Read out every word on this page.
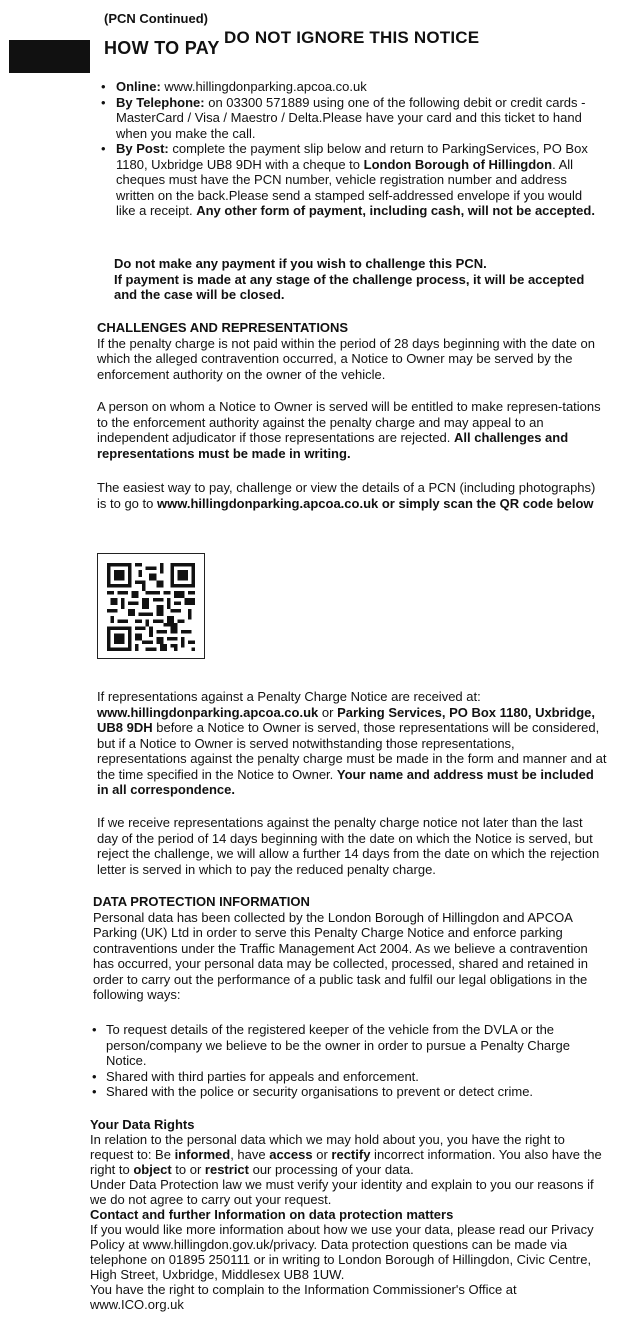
(PCN Continued)
HOW TO PAY
DO NOT IGNORE THIS NOTICE
• Online: www.hillingdonparking.apcoa.co.uk
• By Telephone: on 03300 571889 using one of the following debit or credit cards - MasterCard / Visa / Maestro / Delta.Please have your card and this ticket to hand when you make the call.
• By Post: complete the payment slip below and return to ParkingServices, PO Box 1180, Uxbridge UB8 9DH with a cheque to London Borough of Hillingdon. All cheques must have the PCN number, vehicle registration number and address written on the back.Please send a stamped self-addressed envelope if you would like a receipt. Any other form of payment, including cash, will not be accepted.
Do not make any payment if you wish to challenge this PCN.
If payment is made at any stage of the challenge process, it will be accepted and the case will be closed.
CHALLENGES AND REPRESENTATIONS
If the penalty charge is not paid within the period of 28 days beginning with the date on which the alleged contravention occurred, a Notice to Owner may be served by the enforcement authority on the owner of the vehicle.
A person on whom a Notice to Owner is served will be entitled to make represen-tations to the enforcement authority against the penalty charge and may appeal to an independent adjudicator if those representations are rejected. All challenges and representations must be made in writing.
The easiest way to pay, challenge or view the details of a PCN (including photographs) is to go to www.hillingdonparking.apcoa.co.uk or simply scan the QR code below
If representations against a Penalty Charge Notice are received at: www.hillingdonparking.apcoa.co.uk or Parking Services, PO Box 1180, Uxbridge, UB8 9DH before a Notice to Owner is served, those representations will be considered, but if a Notice to Owner is served notwithstanding those representations, representations against the penalty charge must be made in the form and manner and at the time specified in the Notice to Owner. Your name and address must be included in all correspondence.
If we receive representations against the penalty charge notice not later than the last day of the period of 14 days beginning with the date on which the Notice is served, but reject the challenge, we will allow a further 14 days from the date on which the rejection letter is served in which to pay the reduced penalty charge.
DATA PROTECTION INFORMATION
Personal data has been collected by the London Borough of Hillingdon and APCOA Parking (UK) Ltd in order to serve this Penalty Charge Notice and enforce parking contraventions under the Traffic Management Act 2004. As we believe a contravention has occurred, your personal data may be collected, processed, shared and retained in order to carry out the performance of a public task and fulfil our legal obligations in the following ways:
• To request details of the registered keeper of the vehicle from the DVLA or the person/company we believe to be the owner in order to pursue a Penalty Charge Notice.
• Shared with third parties for appeals and enforcement.
• Shared with the police or security organisations to prevent or detect crime.
Your Data Rights
In relation to the personal data which we may hold about you, you have the right to request to: Be informed, have access or rectify incorrect information. You also have the right to object to or restrict our processing of your data.
Under Data Protection law we must verify your identity and explain to you our reasons if we do not agree to carry out your request.
Contact and further Information on data protection matters
If you would like more information about how we use your data, please read our Privacy Policy at www.hillingdon.gov.uk/privacy. Data protection questions can be made via telephone on 01895 250111 or in writing to London Borough of Hillingdon, Civic Centre, High Street, Uxbridge, Middlesex UB8 1UW.
You have the right to complain to the Information Commissioner's Office at www.ICO.org.uk
